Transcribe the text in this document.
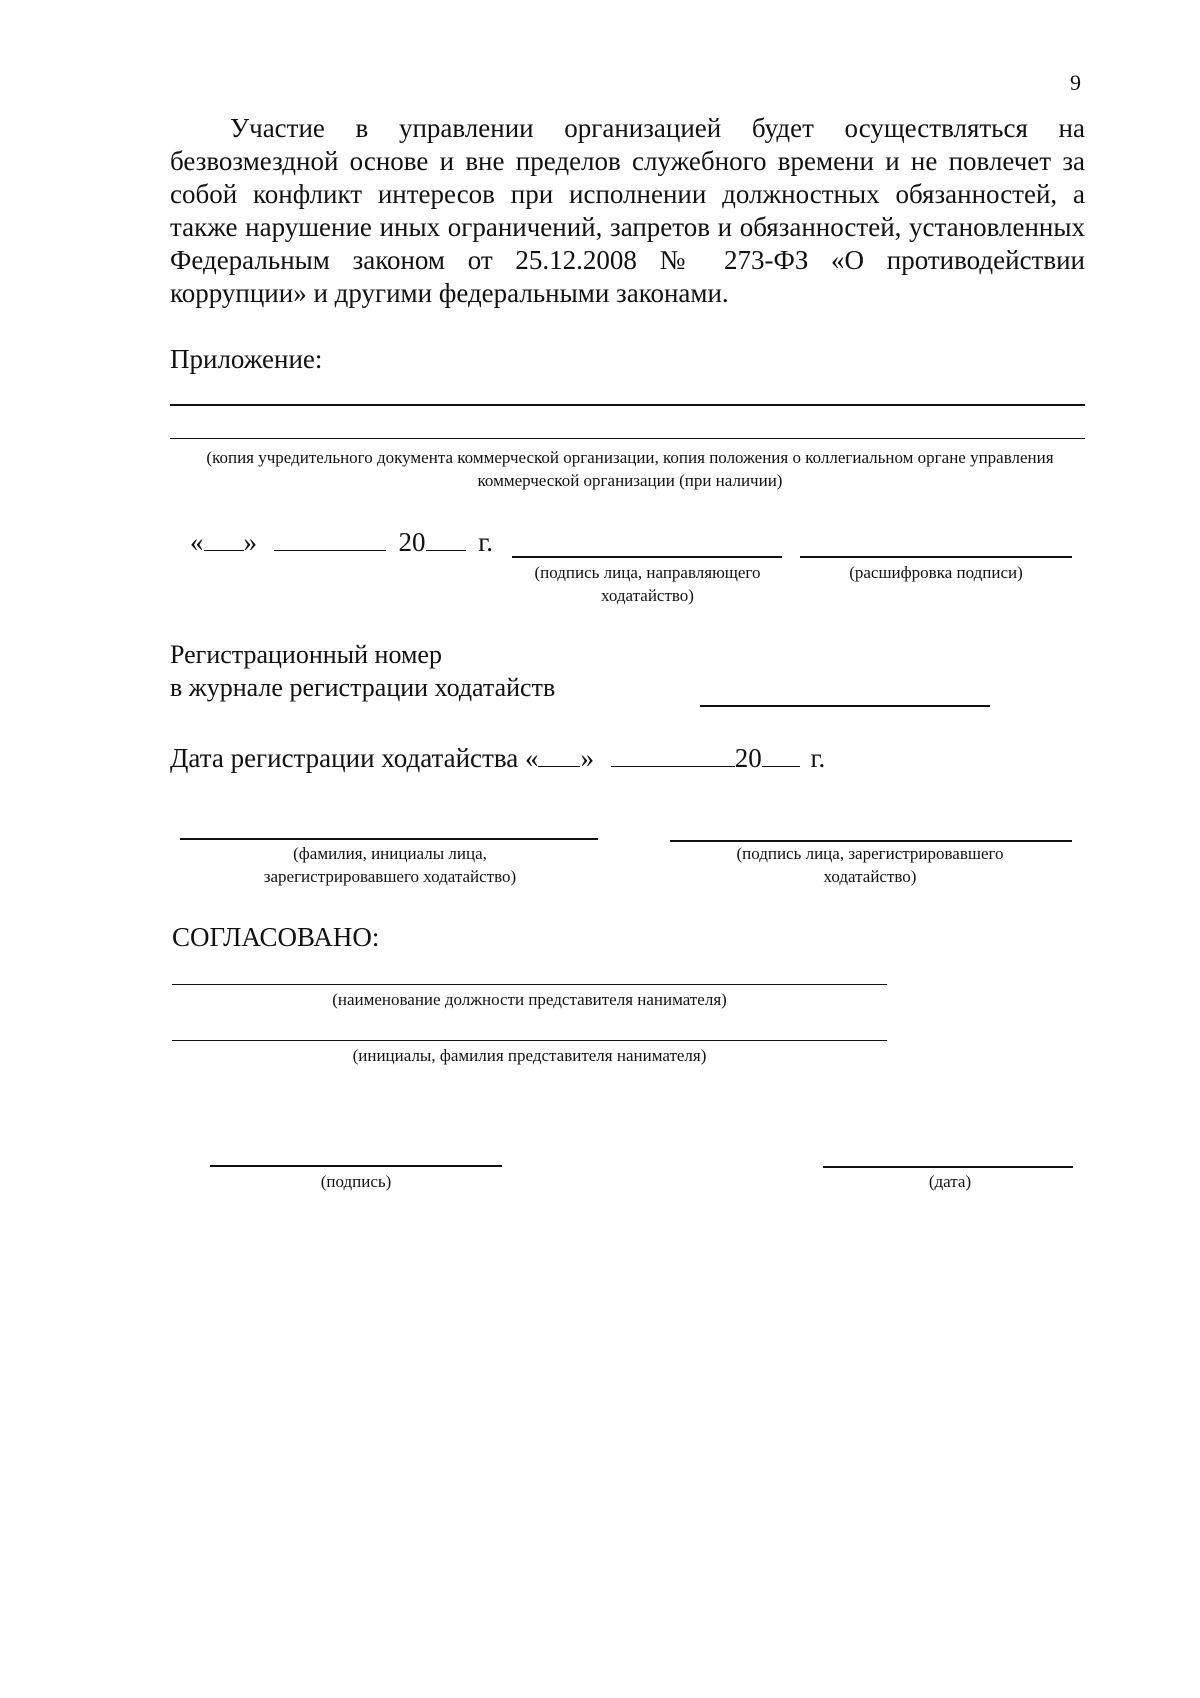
9
Участие в управлении организацией будет осуществляться на безвозмездной основе и вне пределов служебного времени и не повлечет за собой конфликт интересов при исполнении должностных обязанностей, а также нарушение иных ограничений, запретов и обязанностей, установленных Федеральным законом от 25.12.2008 № 273-ФЗ «О противодействии коррупции» и другими федеральными законами.
Приложение:
(копия учредительного документа коммерческой организации, копия положения о коллегиальном органе управления коммерческой организации (при наличии)
« »	20 г.
(подпись лица, направляющего ходатайство)
(расшифровка подписи)
Регистрационный номер
в журнале регистрации ходатайств
Дата регистрации ходатайства « »	20 г.
(фамилия, инициалы лица, зарегистрировавшего ходатайство)
(подпись лица, зарегистрировавшего ходатайство)
СОГЛАСОВАНО:
(наименование должности представителя нанимателя)
(инициалы, фамилия представителя нанимателя)
(подпись)	(дата)
